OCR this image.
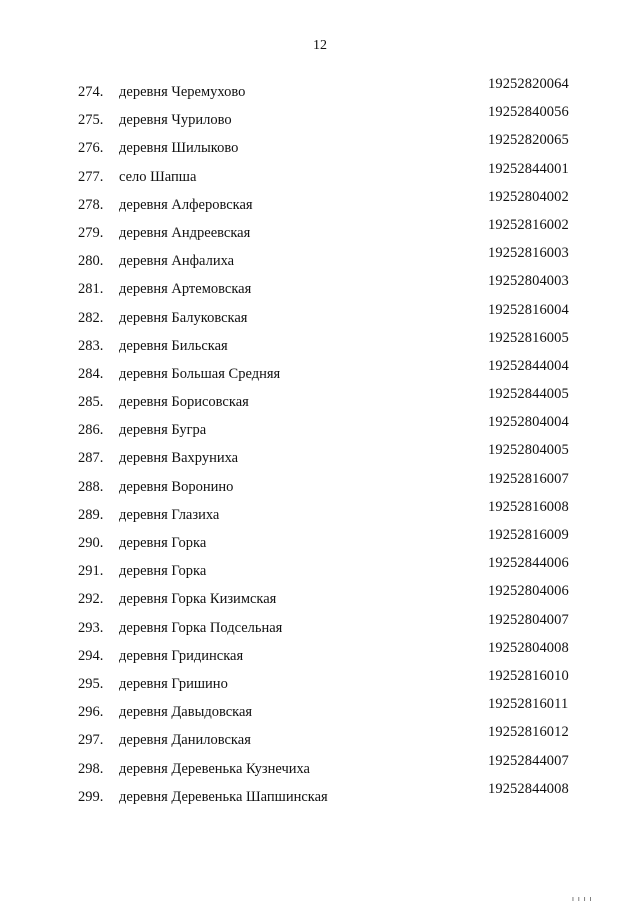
12
274. деревня Черемухово	19252820064
275. деревня Чурилово	19252840056
276. деревня Шилыково	19252820065
277. село Шапша	19252844001
278. деревня Алферовская	19252804002
279. деревня Андреевская	19252816002
280. деревня Анфалиха	19252816003
281. деревня Артемовская	19252804003
282. деревня Балуковская	19252816004
283. деревня Бильская	19252816005
284. деревня Большая Средняя	19252844004
285. деревня Борисовская	19252844005
286. деревня Бугра	19252804004
287. деревня Вахруниха	19252804005
288. деревня Воронино	19252816007
289. деревня Глазиха	19252816008
290. деревня Горка	19252816009
291. деревня Горка	19252844006
292. деревня Горка Кизимская	19252804006
293. деревня Горка Подсельная	19252804007
294. деревня Гридинская	19252804008
295. деревня Гришино	19252816010
296. деревня Давыдовская	19252816011
297. деревня Даниловская	19252816012
298. деревня Деревенька Кузнечиха	19252844007
299. деревня Деревенька Шапшинская	19252844008
ı ı ı ı
